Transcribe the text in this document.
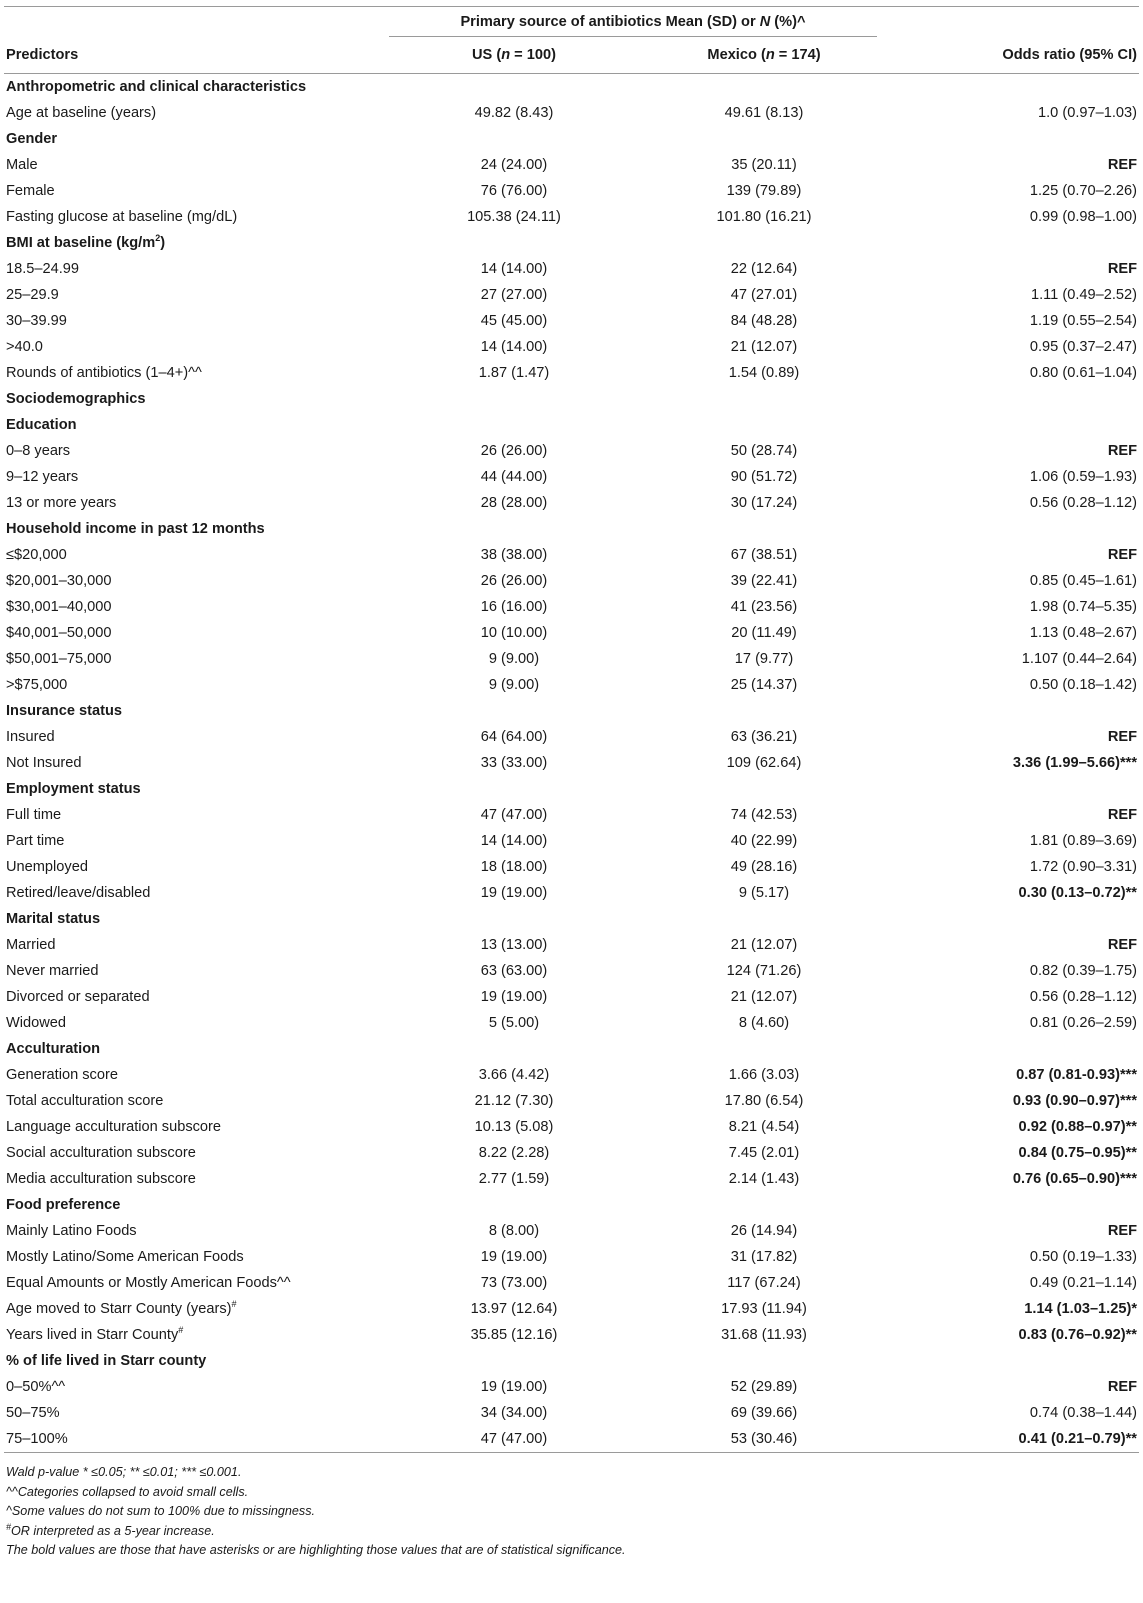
	Primary source of antibiotics Mean (SD) or N (%)^		

Predictors	US (n = 100)	Mexico (n = 174)	Odds ratio (95% CI)
Anthropometric and clinical characteristics			
Age at baseline (years)	49.82 (8.43)	49.61 (8.13)	1.0 (0.97–1.03)
Gender			
Male	24 (24.00)	35 (20.11)	REF
Female	76 (76.00)	139 (79.89)	1.25 (0.70–2.26)
Fasting glucose at baseline (mg/dL)	105.38 (24.11)	101.80 (16.21)	0.99 (0.98–1.00)
BMI at baseline $(kg/m^2)$			
18.5–24.99	14 (14.00)	22 (12.64)	REF
25–29.9	27 (27.00)	47 (27.01)	1.11 (0.49–2.52)
30–39.99	45 (45.00)	84 (48.28)	1.19 (0.55–2.54)
>40.0	14 (14.00)	21 (12.07)	0.95 (0.37–2.47)
Rounds of antibiotics (1–4+)^^	1.87 (1.47)	1.54 (0.89)	0.80 (0.61–1.04)
Sociodemographics			
Education			
0–8 years	26 (26.00)	50 (28.74)	REF
9–12 years	44 (44.00)	90 (51.72)	1.06 (0.59–1.93)
13 or more years	28 (28.00)	30 (17.24)	0.56 (0.28–1.12)
Household income in past 12 months			
≤$20,000	38 (38.00)	67 (38.51)	REF
$20,001–30,000	26 (26.00)	39 (22.41)	0.85 (0.45–1.61)
$30,001–40,000	16 (16.00)	41 (23.56)	1.98 (0.74–5.35)
$40,001–50,000	10 (10.00)	20 (11.49)	1.13 (0.48–2.67)
$50,001–75,000	9 (9.00)	17 (9.77)	1.107 (0.44–2.64)
>$75,000	9 (9.00)	25 (14.37)	0.50 (0.18–1.42)
Insurance status			
Insured	64 (64.00)	63 (36.21)	REF
Not Insured	33 (33.00)	109 (62.64)	3.36 (1.99–5.66)***
Employment status			
Full time	47 (47.00)	74 (42.53)	REF
Part time	14 (14.00)	40 (22.99)	1.81 (0.89–3.69)
Unemployed	18 (18.00)	49 (28.16)	1.72 (0.90–3.31)
Retired/leave/disabled	19 (19.00)	9 (5.17)	0.30 (0.13–0.72)**
Marital status			
Married	13 (13.00)	21 (12.07)	REF
Never married	63 (63.00)	124 (71.26)	0.82 (0.39–1.75)
Divorced or separated	19 (19.00)	21 (12.07)	0.56 (0.28–1.12)
Widowed	5 (5.00)	8 (4.60)	0.81 (0.26–2.59)
Acculturation			
Generation score	3.66 (4.42)	1.66 (3.03)	0.87 (0.81-0.93)***
Total acculturation score	21.12 (7.30)	17.80 (6.54)	0.93 (0.90–0.97)***
Language acculturation subscore	10.13 (5.08)	8.21 (4.54)	0.92 (0.88–0.97)**
Social acculturation subscore	8.22 (2.28)	7.45 (2.01)	0.84 (0.75–0.95)**
Media acculturation subscore	2.77 (1.59)	2.14 (1.43)	0.76 (0.65–0.90)***
Food preference			
Mainly Latino Foods	8 (8.00)	26 (14.94)	REF
Mostly Latino/Some American Foods	19 (19.00)	31 (17.82)	0.50 (0.19–1.33)
Equal Amounts or Mostly American Foods^^	73 (73.00)	117 (67.24)	0.49 (0.21–1.14)
Age moved to Starr County (years)#	13.97 (12.64)	17.93 (11.94)	1.14 (1.03–1.25)*
Years lived in Starr County#	35.85 (12.16)	31.68 (11.93)	0.83 (0.76–0.92)**
% of life lived in Starr county			
0–50%^^	19 (19.00)	52 (29.89)	REF
50–75%	34 (34.00)	69 (39.66)	0.74 (0.38–1.44)
75–100%	47 (47.00)	53 (30.46)	0.41 (0.21–0.79)**
Wald p-value * ≤0.05; ** ≤0.01; *** ≤0.001.
^^Categories collapsed to avoid small cells.
^Some values do not sum to 100% due to missingness.
#OR interpreted as a 5-year increase.
The bold values are those that have asterisks or are highlighting those values that are of statistical significance.
